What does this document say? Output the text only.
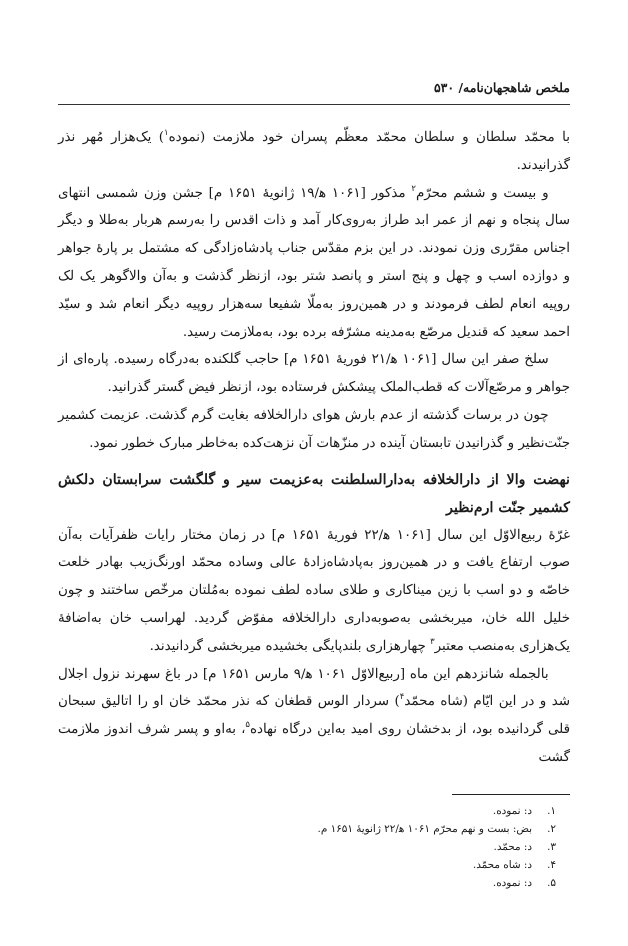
ملخص شاهجهان‌نامه/ ۵۳۰

با محمّد سلطان و سلطان محمّد معظّم پسران خود ملازمت (نموده$^۱$) یک‌هزار مُهر نذر گذرانیدند.

و بیست و ششم محرّم$^۲$ مذکور [۱۰۶۱ ﻫ/۱۹ ژانویهٔ ۱۶۵۱ م] جشن وزن شمسی انتهای سال پنجاه و نهم از عمر ابد طراز به‌روی‌کار آمد و ذات اقدس را به‌رسم هربار به‌طلا و دیگر اجناس مقرّری وزن نمودند. در این بزم مقدّس جناب پادشاه‌زادگی که مشتمل بر پارهٔ جواهر و دوازده اسب و چهل و پنج استر و پانصد شتر بود، ازنظر گذشت و به‌آن والاگوهر یک لک روپیه انعام لطف فرمودند و در همین‌روز به‌ملّا شفیعا سه‌هزار روپیه دیگر انعام شد و سیّد احمد سعید که قندیل مرصّع به‌مدینه مشرّفه برده بود، به‌ملازمت رسید.

سلخ صفر این سال [۱۰۶۱ ﻫ/۲۱ فوریهٔ ۱۶۵۱ م] حاجب گلکنده به‌درگاه رسیده. پاره‌ای از جواهر و مرصّع‌آلات که قطب‌الملک پیشکش فرستاده بود، ازنظر فیض گستر گذرانید.

چون در برسات گذشته از عدم بارش هوای دارالخلافه بغایت گرم گذشت. عزیمت کشمیر جنّت‌نظیر و گذرانیدن تابستان آینده در منزّهات آن نزهت‌کده به‌خاطر مبارک خطور نمود.

نهضت والا از دارالخلافه به‌دارالسلطنت به‌عزیمت سیر و گلگشت سرابستان دلکش کشمیر جنّت ارم‌نظیر

غرّهٔ ربیع‌الاوّل این سال [۱۰۶۱ ﻫ/۲۲ فوریهٔ ۱۶۵۱ م] در زمان مختار رایات ظفرآیات به‌آن صوب ارتفاع یافت و در همین‌روز به‌پادشاه‌زادهٔ عالی وساده محمّد اورنگ‌زیب بهادر خلعت خاصّه و دو اسب با زین میناکاری و طلای ساده لطف نموده به‌مُلتان مرخّص ساختند و چون خلیل الله خان، میربخشی به‌صوبه‌داری دارالخلافه مفوّض گردید. لهراسب خان به‌اضافهٔ یک‌هزاری به‌منصب معتبر$^۳$ چهارهزاری بلندپایگی بخشیده میربخشی گردانیدند.

بالجمله شانزدهم این ماه [ربیع‌الاوّل ۱۰۶۱ ﻫ/۹ مارس ۱۶۵۱ م] در باغ سهرند نزول اجلال شد و در این ایّام (شاه محمّد$^۴$) سردار الوس قطغان که نذر محمّد خان او را اتالیق سبحان قلی گردانیده بود، از بدخشان روی امید به‌این درگاه نهاده$^۵$، به‌او و پسر شرف اندوز ملازمت گشت

۱.د: نموده.
۲.بض: بست و نهم محرّم ۱۰۶۱ ﻫ/۲۲ ژانویهٔ ۱۶۵۱ م.
۳.د: محمّد.
۴.د: شاه محمّد.
۵.د: نموده.
